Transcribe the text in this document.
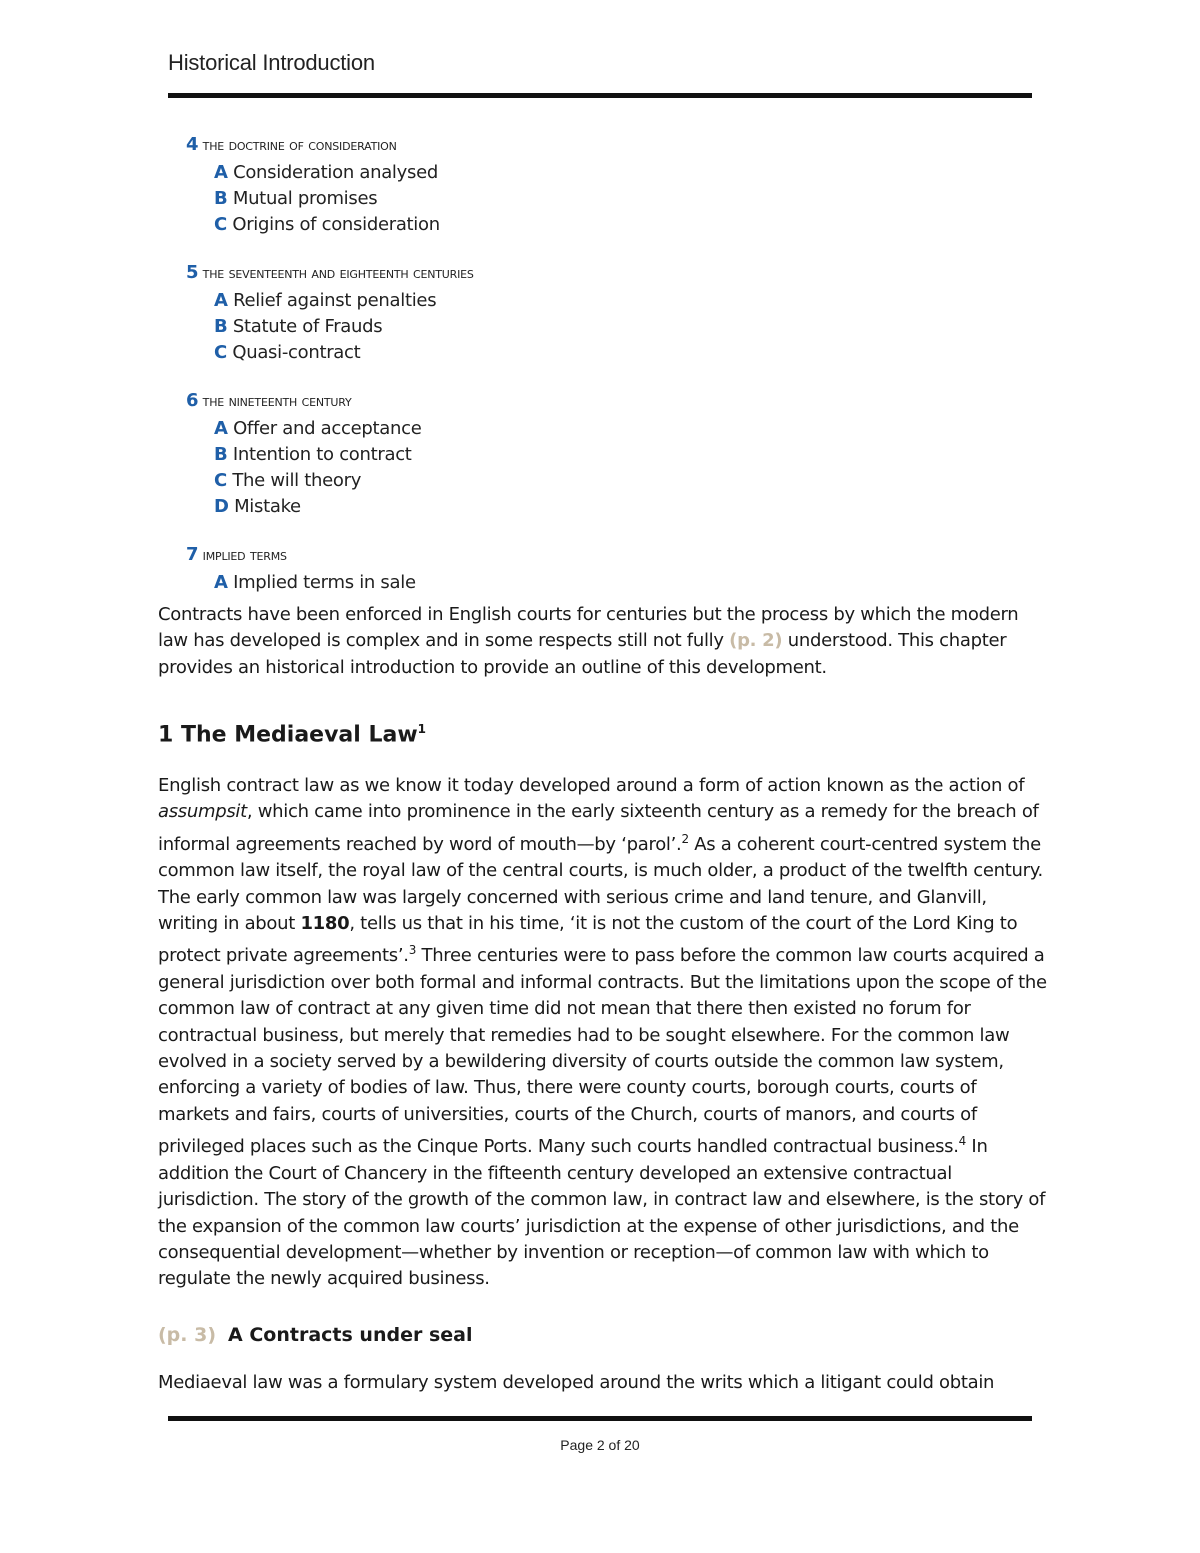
Historical Introduction

4 the doctrine of consideration

A Consideration analysed

B Mutual promises

C Origins of consideration

5 the seventeenth and eighteenth centuries

A Relief against penalties

B Statute of Frauds

C Quasi-contract

6 the nineteenth century

A Offer and acceptance

B Intention to contract

C The will theory

D Mistake

7 implied terms

A Implied terms in sale

Contracts have been enforced in English courts for centuries but the process by which the modern law has developed is complex and in some respects still not fully (p. 2) understood. This chapter provides an historical introduction to provide an outline of this development.

1 The Mediaeval Law$^1$

English contract law as we know it today developed around a form of action known as the action of assumpsit, which came into prominence in the early sixteenth century as a remedy for the breach of informal agreements reached by word of mouth—by ‘parol’.$^2$ As a coherent court-centred system the common law itself, the royal law of the central courts, is much older, a product of the twelfth century. The early common law was largely concerned with serious crime and land tenure, and Glanvill, writing in about 1180, tells us that in his time, ‘it is not the custom of the court of the Lord King to protect private agreements’.$^3$ Three centuries were to pass before the common law courts acquired a general jurisdiction over both formal and informal contracts. But the limitations upon the scope of the common law of contract at any given time did not mean that there then existed no forum for contractual business, but merely that remedies had to be sought elsewhere. For the common law evolved in a society served by a bewildering diversity of courts outside the common law system, enforcing a variety of bodies of law. Thus, there were county courts, borough courts, courts of markets and fairs, courts of universities, courts of the Church, courts of manors, and courts of privileged places such as the Cinque Ports. Many such courts handled contractual business.$^4$ In addition the Court of Chancery in the fifteenth century developed an extensive contractual jurisdiction. The story of the growth of the common law, in contract law and elsewhere, is the story of the expansion of the common law courts’ jurisdiction at the expense of other jurisdictions, and the consequential development—whether by invention or reception—of common law with which to regulate the newly acquired business.

(p. 3) A Contracts under seal

Mediaeval law was a formulary system developed around the writs which a litigant could obtain

Page 2 of 20
